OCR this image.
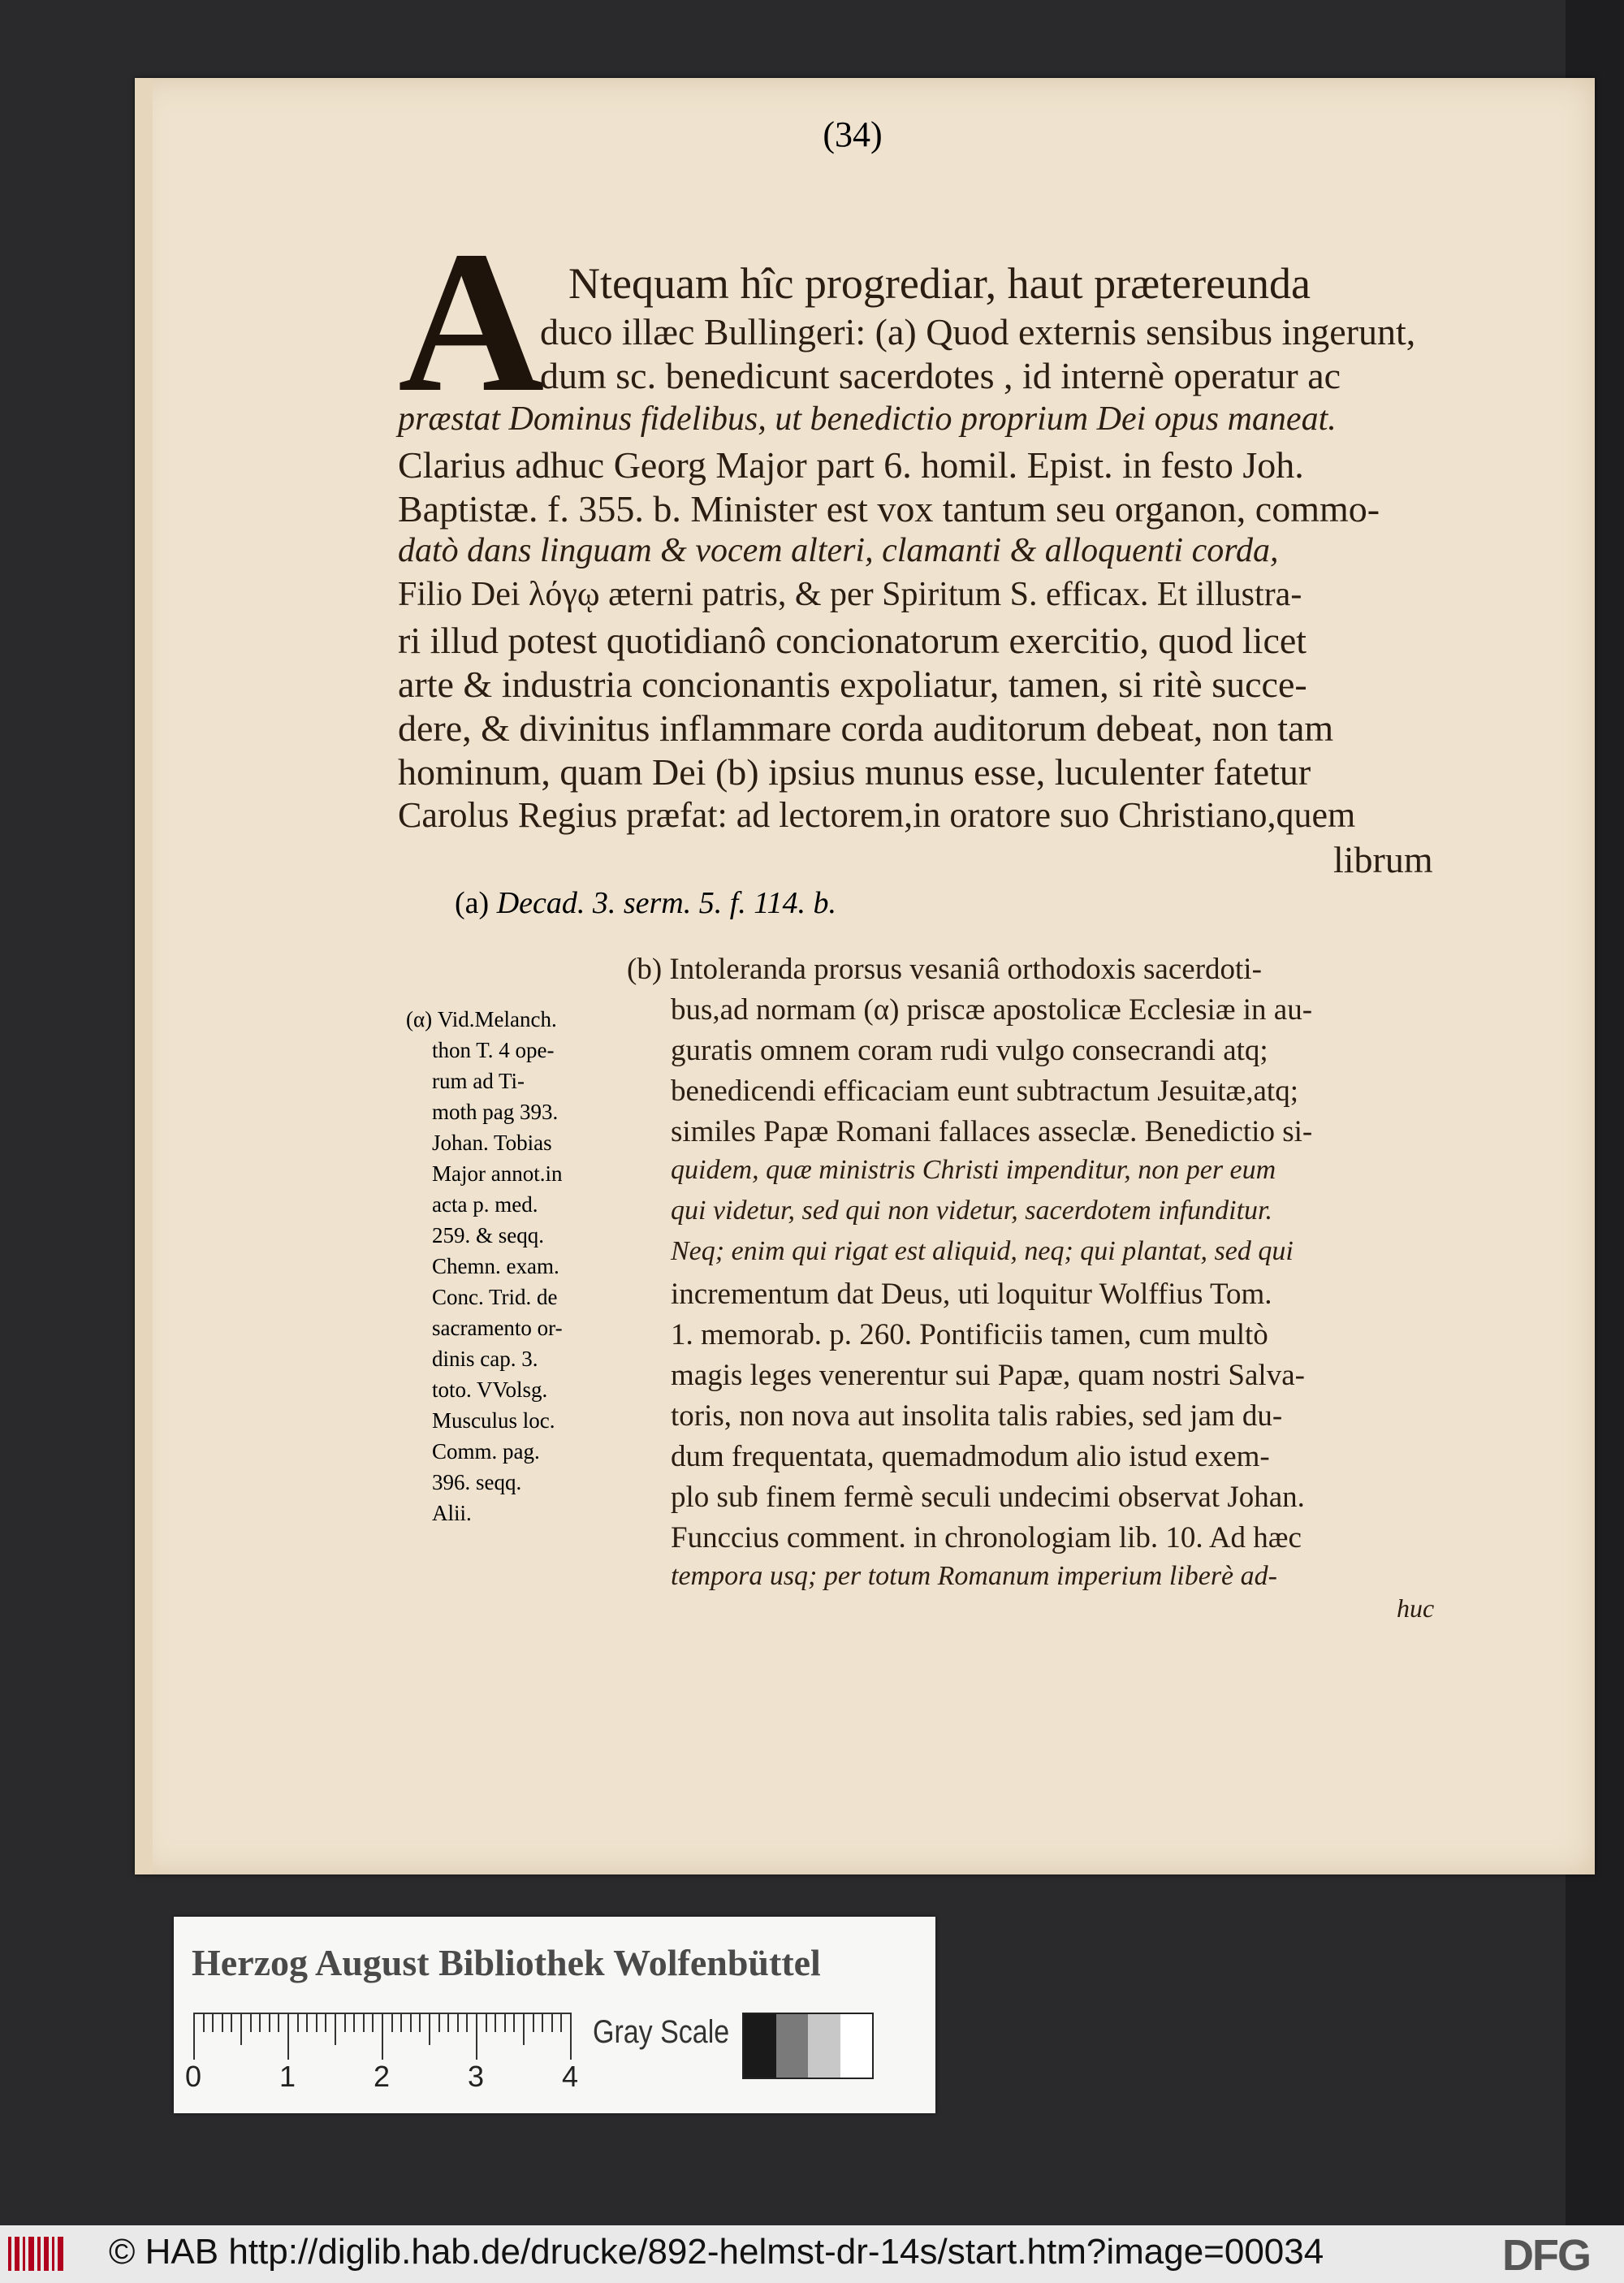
(34)
A Ntequam hîc progrediar, haut prætereunda
duco illæc Bullingeri: (a) Quod externis sensibus ingerunt,
dum sc. benedicunt sacerdotes , id internè operatur ac
præstat Dominus fidelibus, ut benedictio proprium Dei opus maneat.
Clarius adhuc Georg Major part 6. homil. Epist. in festo Joh.
Baptistæ. f. 355. b. Minister est vox tantum seu organon, commo-
datò dans linguam & vocem alteri, clamanti & alloquenti corda,
Filio Dei λόγῳ æterni patris, & per Spiritum S. efficax. Et illustra-
ri illud potest quotidianô concionatorum exercitio, quod licet
arte & industria concionantis expoliatur, tamen, si ritè succe-
dere, & divinitus inflammare corda auditorum debeat, non tam
hominum, quam Dei (b) ipsius munus esse, luculenter fatetur
Carolus Regius præfat: ad lectorem,in oratore suo Christiano,quem
librum
(a) Decad. 3. serm. 5. f. 114. b.
(b) Intoleranda prorsus vesaniâ orthodoxis sacerdoti-
bus,ad normam (α) priscæ apostolicæ Ecclesiæ in au-
guratis omnem coram rudi vulgo consecrandi atq;
benedicendi efficaciam eunt subtractum Jesuitæ,atq;
similes Papæ Romani fallaces asseclæ. Benedictio si-
quidem, quæ ministris Christi impenditur, non per eum
qui videtur, sed qui non videtur, sacerdotem infunditur.
Neq; enim qui rigat est aliquid, neq; qui plantat, sed qui
incrementum dat Deus, uti loquitur Wolffius Tom.
1. memorab. p. 260. Pontificiis tamen, cum multò
magis leges venerentur sui Papæ, quam nostri Salva-
toris, non nova aut insolita talis rabies, sed jam du-
dum frequentata, quemadmodum alio istud exem-
plo sub finem fermè seculi undecimi observat Johan.
Funccius comment. in chronologiam lib. 10. Ad hæc
tempora usq; per totum Romanum imperium liberè ad-
huc
(α) Vid.Melanch.
thon T. 4 ope-
rum ad Ti-
moth pag 393.
Johan. Tobias
Major annot.in
acta p. med.
259. & seqq.
Chemn. exam.
Conc. Trid. de
sacramento or-
dinis cap. 3.
toto. VVolsg.
Musculus loc.
Comm. pag.
396. seqq.
Alii.
Herzog August Bibliothek Wolfenbüttel
0	1	2	3	4
Gray Scale
© HAB http://diglib.hab.de/drucke/892-helmst-dr-14s/start.htm?image=00034	DFG
